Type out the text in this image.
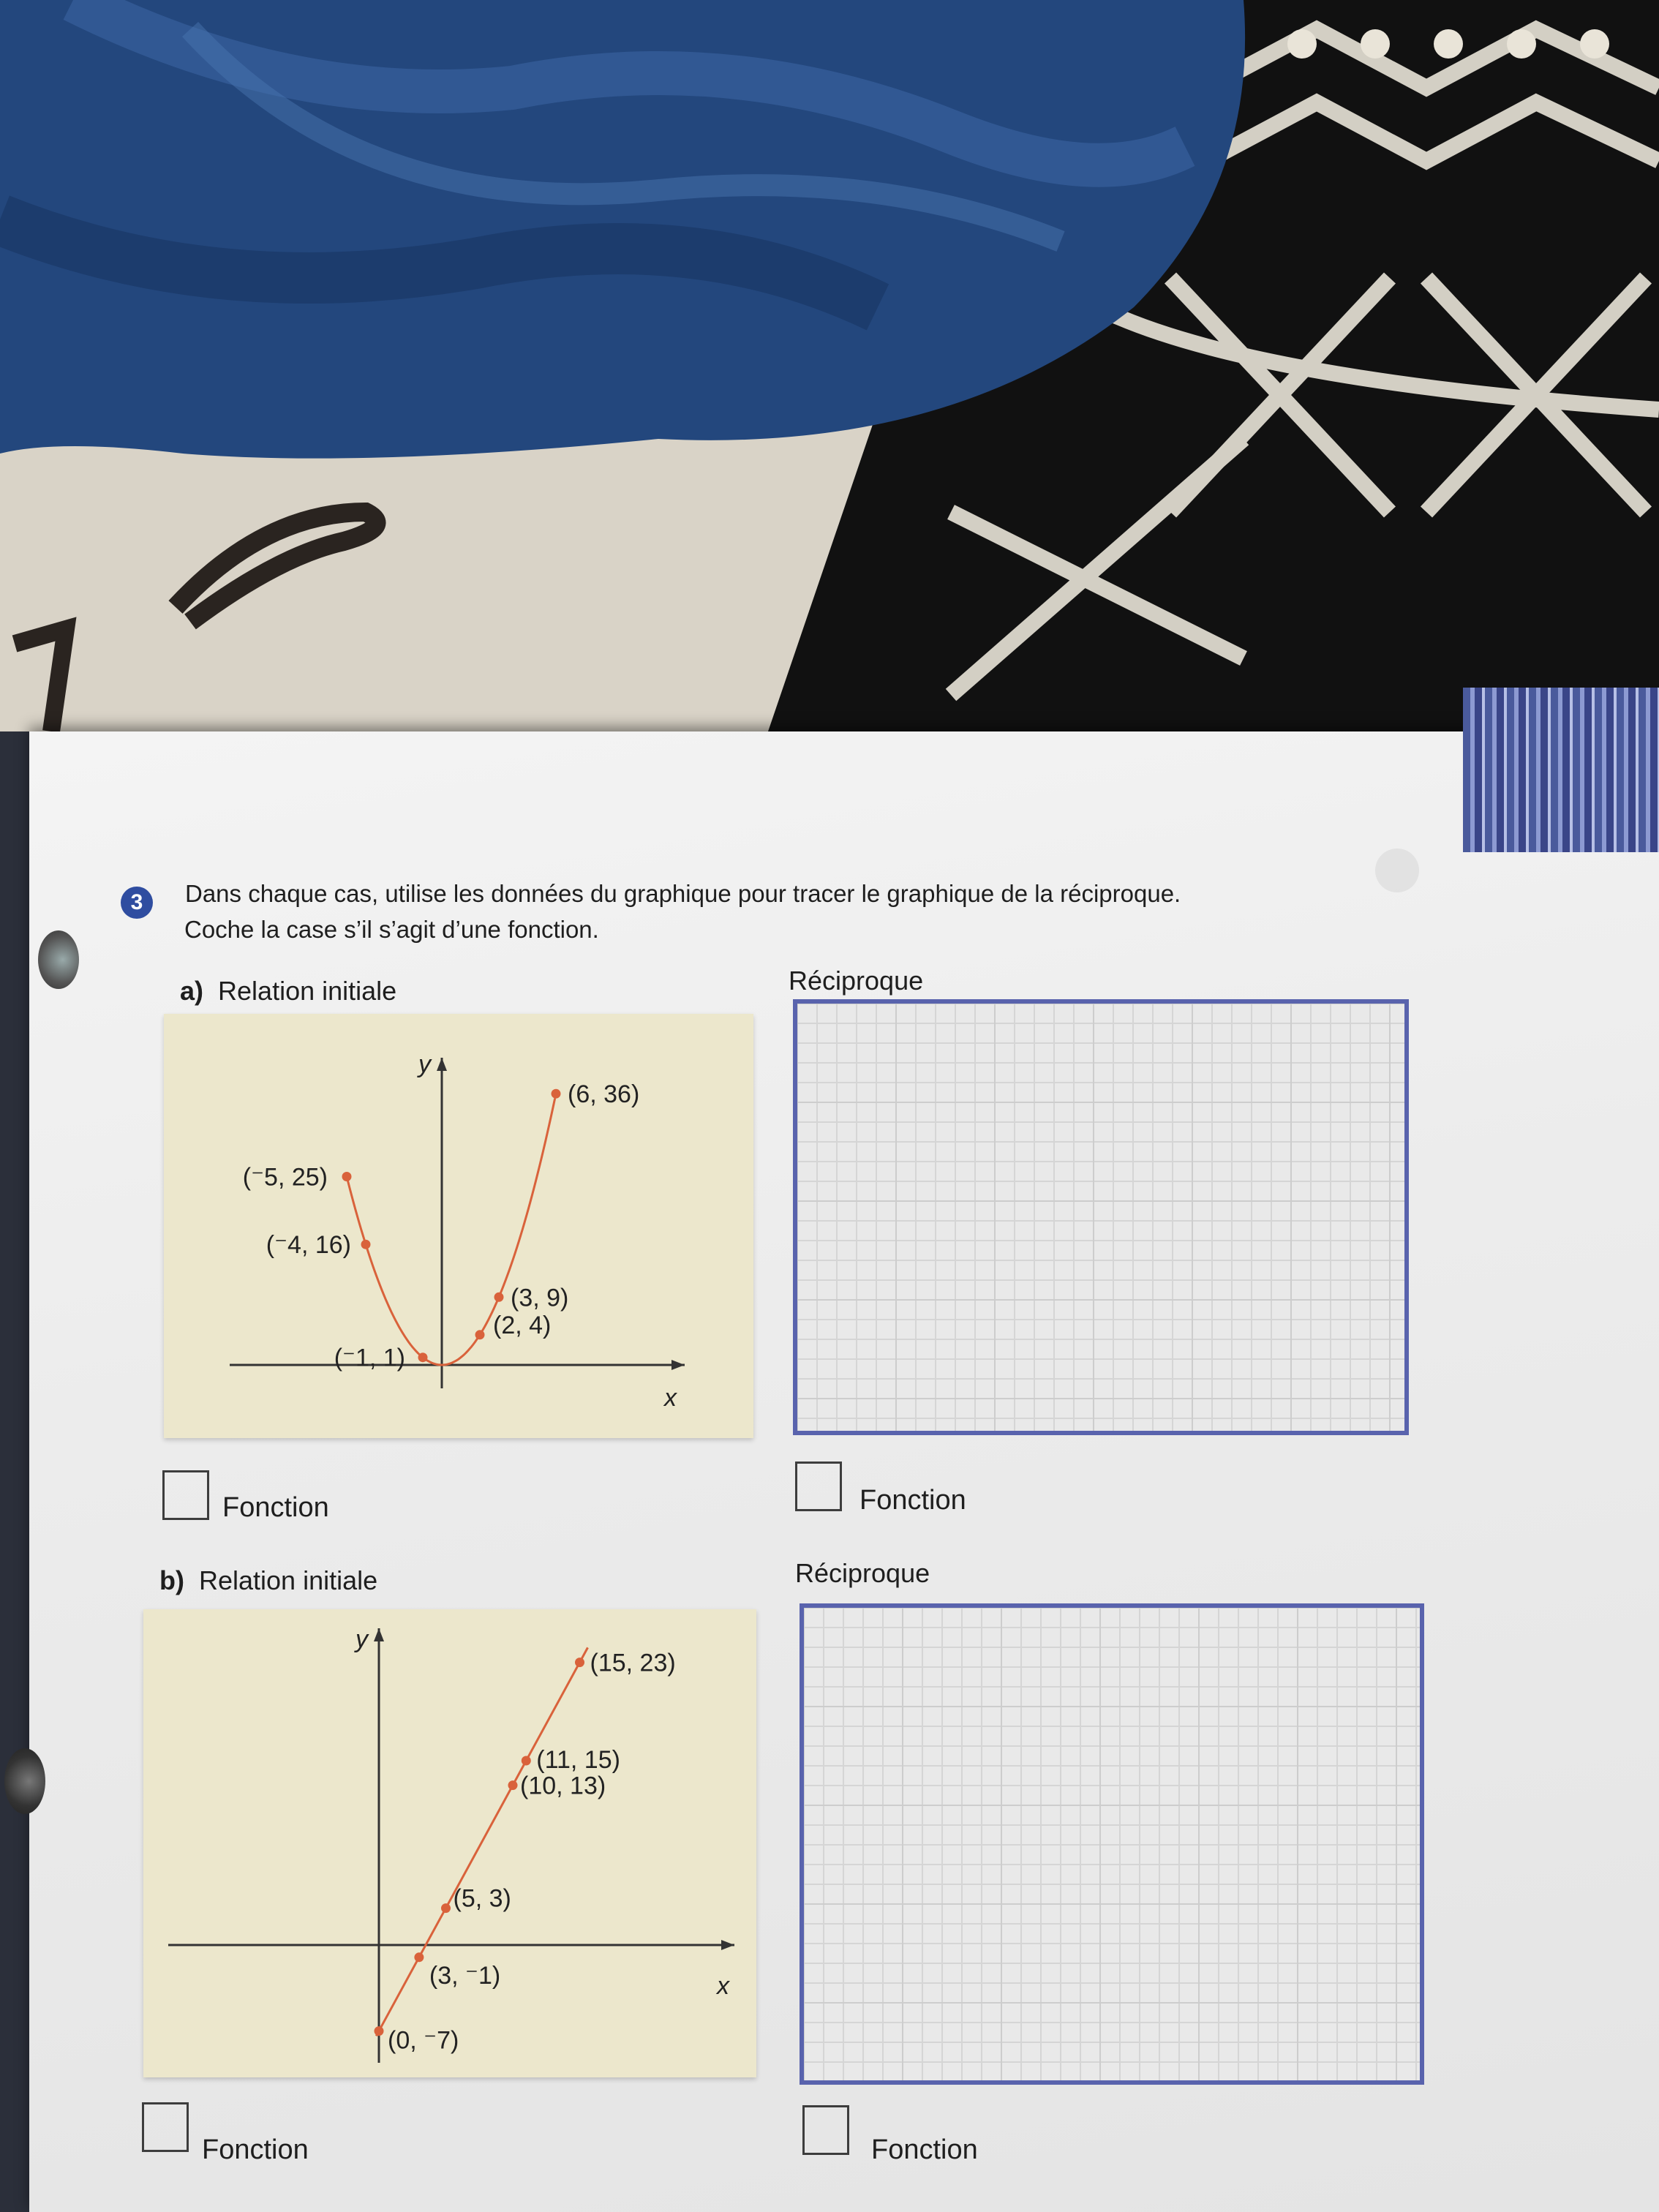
3	Dans chaque cas, utilise les données du graphique pour tracer le graphique de la réciproque.
Coche la case s’il s’agit d’une fonction.
a) Relation initiale	Réciproque
x
y
(⁻5, 25)
(⁻4, 16)
(⁻1, 1)
(2, 4)
(3, 9)
(6, 36)
Fonction	Fonction
b) Relation initiale	Réciproque
x
y
(0, ⁻7)
(3, ⁻1)
(5, 3)
(10, 13)
(11, 15)
(15, 23)
Fonction	Fonction
